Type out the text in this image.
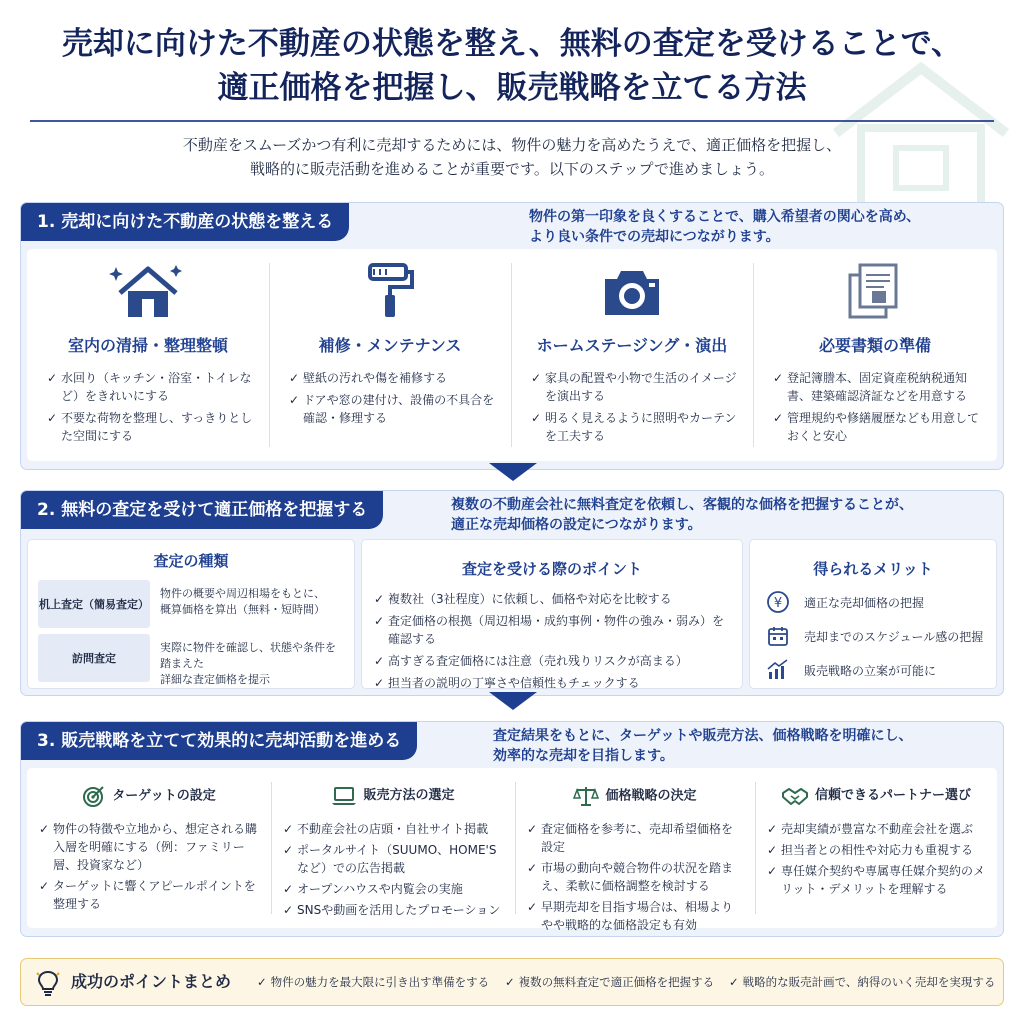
売却に向けた不動産の状態を整え、無料の査定を受けることで、
適正価格を把握し、販売戦略を立てる方法
不動産をスムーズかつ有利に売却するためには、物件の魅力を高めたうえで、適正価格を把握し、
戦略的に販売活動を進めることが重要です。以下のステップで進めましょう。
1. 売却に向けた不動産の状態を整える	物件の第一印象を良くすることで、購入希望者の関心を高め、
より良い条件での売却につながります。
室内の清掃・整理整頓
✓ 水回り（キッチン・浴室・トイレなど）をきれいにする
✓ 不要な荷物を整理し、すっきりとした空間にする
補修・メンテナンス
✓ 壁紙の汚れや傷を補修する
✓ ドアや窓の建付け、設備の不具合を確認・修理する
ホームステージング・演出
✓ 家具の配置や小物で生活のイメージを演出する
✓ 明るく見えるように照明やカーテンを工夫する
必要書類の準備
✓ 登記簿謄本、固定資産税納税通知書、建築確認済証などを用意する
✓ 管理規約や修繕履歴なども用意しておくと安心
2. 無料の査定を受けて適正価格を把握する	複数の不動産会社に無料査定を依頼し、客観的な価格を把握することが、
適正な売却価格の設定につながります。
査定の種類
机上査定（簡易査定）
物件の概要や周辺相場をもとに、
概算価格を算出（無料・短時間）
訪問査定
実際に物件を確認し、状態や条件を踏まえた
詳細な査定価格を提示
査定を受ける際のポイント
✓ 複数社（3社程度）に依頼し、価格や対応を比較する
✓ 査定価格の根拠（周辺相場・成約事例・物件の強み・弱み）を確認する
✓ 高すぎる査定価格には注意（売れ残りリスクが高まる）
✓ 担当者の説明の丁寧さや信頼性もチェックする
得られるメリット
¥ 適正な売却価格の把握
売却までのスケジュール感の把握
販売戦略の立案が可能に
3. 販売戦略を立てて効果的に売却活動を進める	査定結果をもとに、ターゲットや販売方法、価格戦略を明確にし、
効率的な売却を目指します。
ターゲットの設定
✓ 物件の特徴や立地から、想定される購入層を明確にする（例：ファミリー層、投資家など）
✓ ターゲットに響くアピールポイントを整理する
販売方法の選定
✓ 不動産会社の店頭・自社サイト掲載
✓ ポータルサイト（SUUMO、HOME'Sなど）での広告掲載
✓ オープンハウスや内覧会の実施
✓ SNSや動画を活用したプロモーション
価格戦略の決定
✓ 査定価格を参考に、売却希望価格を設定
✓ 市場の動向や競合物件の状況を踏まえ、柔軟に価格調整を検討する
✓ 早期売却を目指す場合は、相場よりやや戦略的な価格設定も有効
信頼できるパートナー選び
✓ 売却実績が豊富な不動産会社を選ぶ
✓ 担当者との相性や対応力も重視する
✓ 専任媒介契約や専属専任媒介契約のメリット・デメリットを理解する
成功のポイントまとめ	✓ 物件の魅力を最大限に引き出す準備をする	✓ 複数の無料査定で適正価格を把握する	✓ 戦略的な販売計画で、納得のいく売却を実現する
